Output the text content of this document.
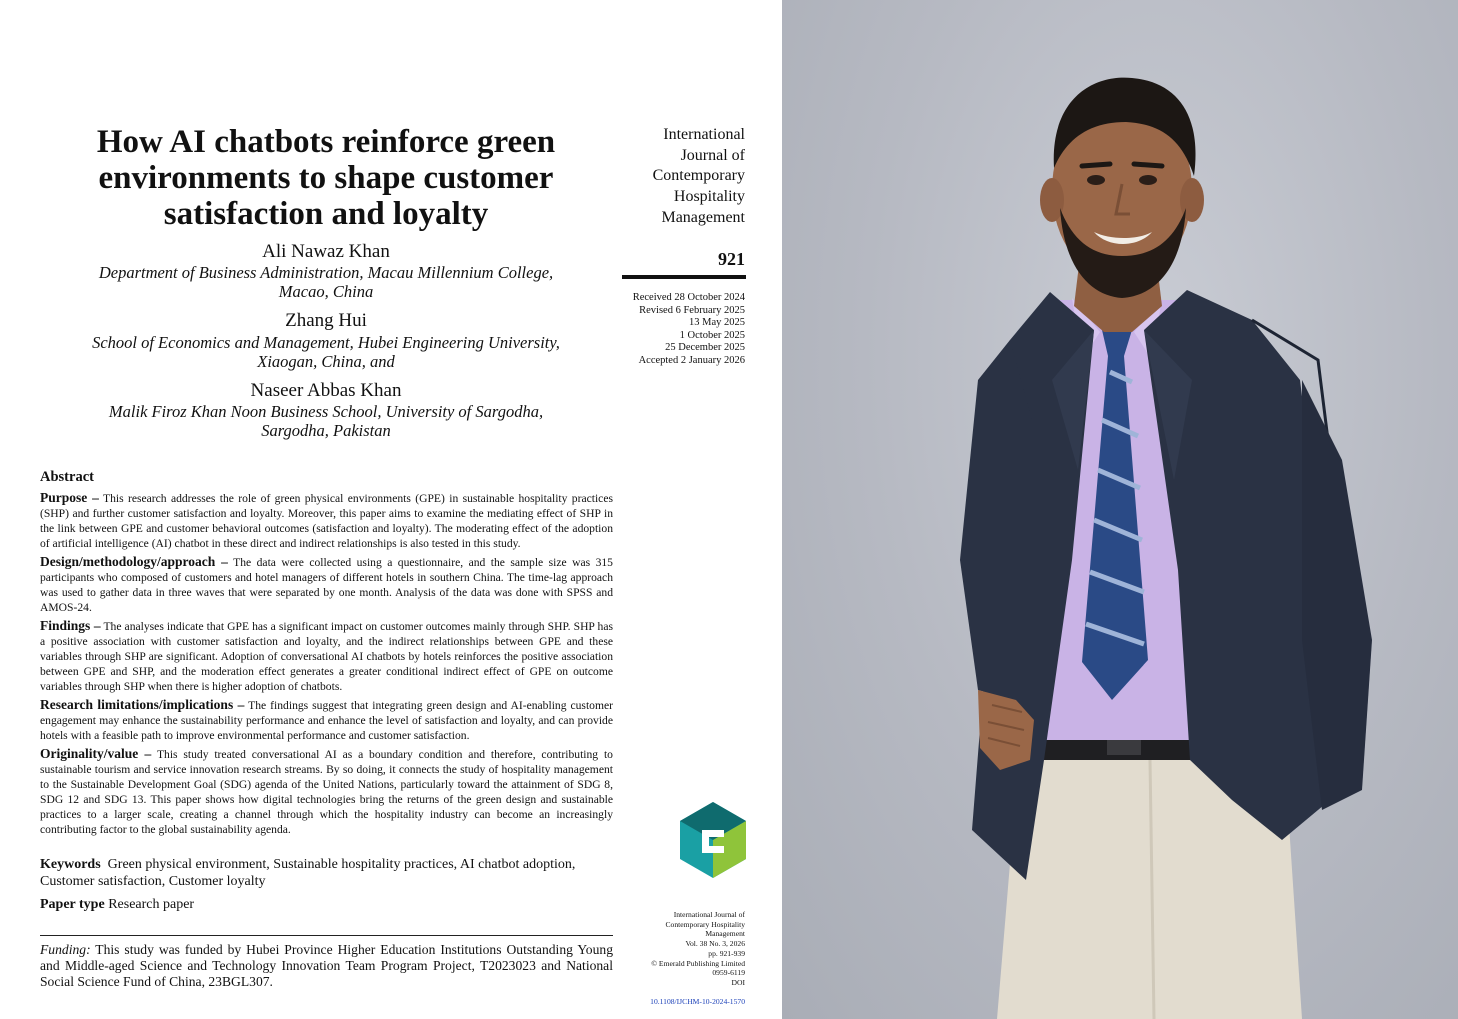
How AI chatbots reinforce green
environments to shape customer
satisfaction and loyalty
Ali Nawaz Khan
Department of Business Administration, Macau Millennium College,
Macao, China
Zhang Hui
School of Economics and Management, Hubei Engineering University,
Xiaogan, China, and
Naseer Abbas Khan
Malik Firoz Khan Noon Business School, University of Sargodha,
Sargodha, Pakistan
International
Journal of
Contemporary
Hospitality
Management
921
Received 28 October 2024
Revised 6 February 2025
13 May 2025
1 October 2025
25 December 2025
Accepted 2 January 2026
Abstract

Purpose – This research addresses the role of green physical environments (GPE) in sustainable hospitality practices (SHP) and further customer satisfaction and loyalty. Moreover, this paper aims to examine the mediating effect of SHP in the link between GPE and customer behavioral outcomes (satisfaction and loyalty). The moderating effect of the adoption of artificial intelligence (AI) chatbot in these direct and indirect relationships is also tested in this study.

Design/methodology/approach – The data were collected using a questionnaire, and the sample size was 315 participants who composed of customers and hotel managers of different hotels in southern China. The time-lag approach was used to gather data in three waves that were separated by one month. Analysis of the data was done with SPSS and AMOS-24.

Findings – The analyses indicate that GPE has a significant impact on customer outcomes mainly through SHP. SHP has a positive association with customer satisfaction and loyalty, and the indirect relationships between GPE and these variables through SHP are significant. Adoption of conversational AI chatbots by hotels reinforces the positive association between GPE and SHP, and the moderation effect generates a greater conditional indirect effect of GPE on outcome variables through SHP when there is higher adoption of chatbots.

Research limitations/implications – The findings suggest that integrating green design and AI-enabling customer engagement may enhance the sustainability performance and enhance the level of satisfaction and loyalty, and can provide hotels with a feasible path to improve environmental performance and customer satisfaction.

Originality/value – This study treated conversational AI as a boundary condition and therefore, contributing to sustainable tourism and service innovation research streams. By so doing, it connects the study of hospitality management to the Sustainable Development Goal (SDG) agenda of the United Nations, particularly toward the attainment of SDG 8, SDG 12 and SDG 13. This paper shows how digital technologies bring the returns of the green design and sustainable practices to a larger scale, creating a channel through which the hospitality industry can become an increasingly contributing factor to the global sustainability agenda.

Keywords Green physical environment, Sustainable hospitality practices, AI chatbot adoption, Customer satisfaction, Customer loyalty
Paper type Research paper
Funding: This study was funded by Hubei Province Higher Education Institutions Outstanding Young and Middle-aged Science and Technology Innovation Team Program Project, T2023023 and National Social Science Fund of China, 23BGL307.
International Journal of
Contemporary Hospitality
Management
Vol. 38 No. 3, 2026
pp. 921-939
© Emerald Publishing Limited
0959-6119
DOI

10.1108/IJCHM-10-2024-1570
